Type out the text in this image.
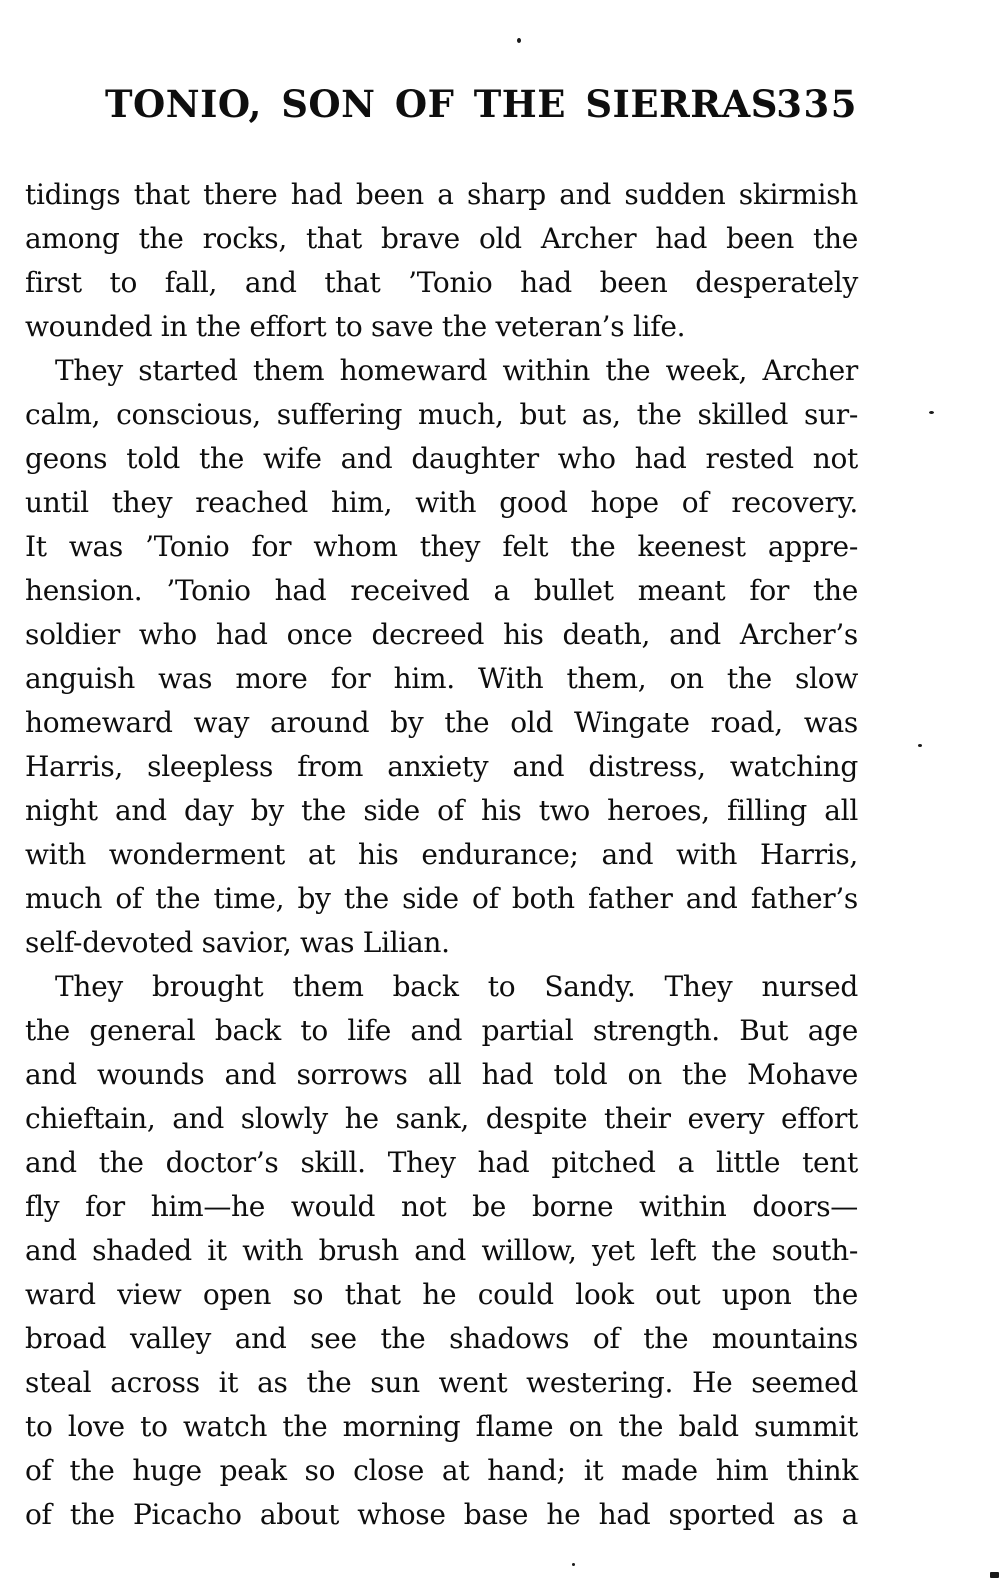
TONIO, SON OF THE SIERRAS
335
tidings that there had been a sharp and sudden skirmish
among the rocks, that brave old Archer had been the
first to fall, and that ’Tonio had been desperately
wounded in the effort to save the veteran’s life.
They started them homeward within the week, Archer
calm, conscious, suffering much, but as, the skilled sur-
geons told the wife and daughter who had rested not
until they reached him, with good hope of recovery.
It was ’Tonio for whom they felt the keenest appre-
hension. ’Tonio had received a bullet meant for the
soldier who had once decreed his death, and Archer’s
anguish was more for him. With them, on the slow
homeward way around by the old Wingate road, was
Harris, sleepless from anxiety and distress, watching
night and day by the side of his two heroes, filling all
with wonderment at his endurance; and with Harris,
much of the time, by the side of both father and father’s
self-devoted savior, was Lilian.
They brought them back to Sandy. They nursed
the general back to life and partial strength. But age
and wounds and sorrows all had told on the Mohave
chieftain, and slowly he sank, despite their every effort
and the doctor’s skill. They had pitched a little tent
fly for him—he would not be borne within doors—
and shaded it with brush and willow, yet left the south-
ward view open so that he could look out upon the
broad valley and see the shadows of the mountains
steal across it as the sun went westering. He seemed
to love to watch the morning flame on the bald summit
of the huge peak so close at hand; it made him think
of the Picacho about whose base he had sported as a
